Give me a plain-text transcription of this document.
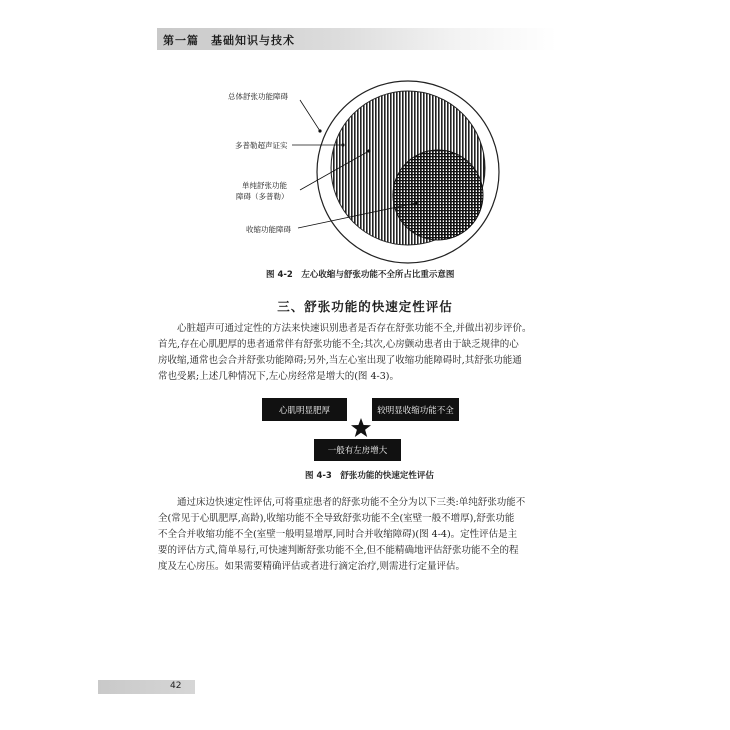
第一篇　基础知识与技术
总体舒张功能障碍
多普勒超声证实
单纯舒张功能
障碍（多普勒）
收缩功能障碍
图 4-2　左心收缩与舒张功能不全所占比重示意图
三、舒张功能的快速定性评估
心脏超声可通过定性的方法来快速识别患者是否存在舒张功能不全,并做出初步评价。
首先,存在心肌肥厚的患者通常伴有舒张功能不全;其次,心房颤动患者由于缺乏规律的心
房收缩,通常也会合并舒张功能障碍;另外,当左心室出现了收缩功能障碍时,其舒张功能通
常也受累;上述几种情况下,左心房经常是增大的(图 4-3)。
心肌明显肥厚	较明显收缩功能不全
一般有左房增大
图 4-3　舒张功能的快速定性评估
通过床边快速定性评估,可将重症患者的舒张功能不全分为以下三类:单纯舒张功能不
全(常见于心肌肥厚,高龄),收缩功能不全导致舒张功能不全(室壁一般不增厚),舒张功能
不全合并收缩功能不全(室壁一般明显增厚,同时合并收缩障碍)(图 4-4)。定性评估是主
要的评估方式,简单易行,可快速判断舒张功能不全,但不能精确地评估舒张功能不全的程
度及左心房压。如果需要精确评估或者进行滴定治疗,则需进行定量评估。
42
